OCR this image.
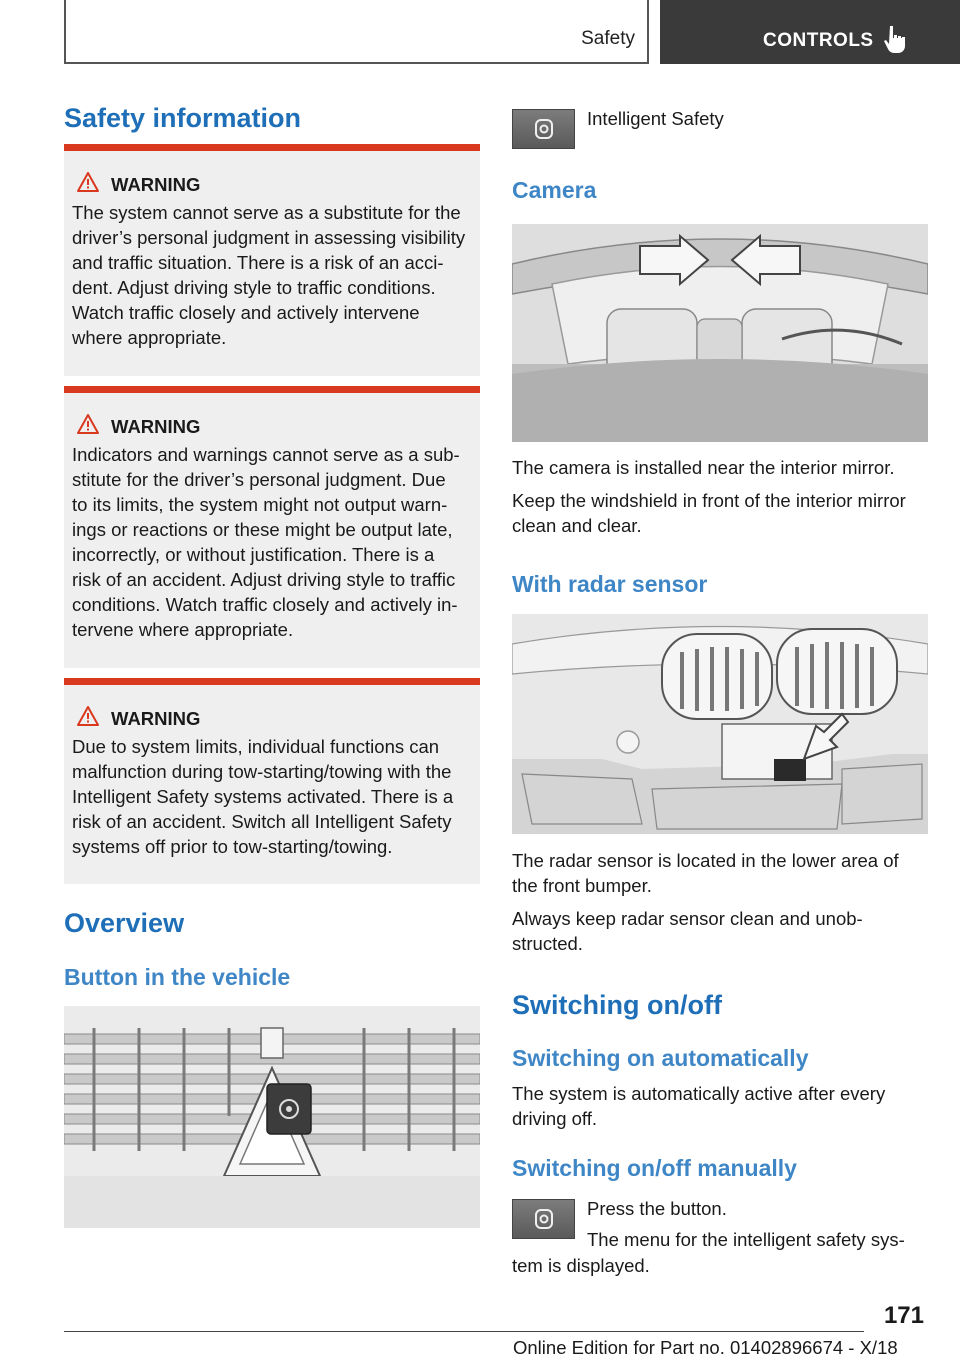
Safety	CONTROLS
Safety information
WARNING
The system cannot serve as a substitute for the
driver’s personal judgment in assessing visibility
and traffic situation. There is a risk of an acci-
dent. Adjust driving style to traffic conditions.
Watch traffic closely and actively intervene
where appropriate.
WARNING
Indicators and warnings cannot serve as a sub-
stitute for the driver’s personal judgment. Due
to its limits, the system might not output warn-
ings or reactions or these might be output late,
incorrectly, or without justification. There is a
risk of an accident. Adjust driving style to traffic
conditions. Watch traffic closely and actively in-
tervene where appropriate.
WARNING
Due to system limits, individual functions can
malfunction during tow-starting/towing with the
Intelligent Safety systems activated. There is a
risk of an accident. Switch all Intelligent Safety
systems off prior to tow-starting/towing.
Overview
Button in the vehicle
Intelligent Safety
Camera
The camera is installed near the interior mirror.
Keep the windshield in front of the interior mirror
clean and clear.
With radar sensor
The radar sensor is located in the lower area of
the front bumper.
Always keep radar sensor clean and unob-
structed.
Switching on/off
Switching on automatically
The system is automatically active after every
driving off.
Switching on/off manually
Press the button.
The menu for the intelligent safety sys-
tem is displayed.
171
Online Edition for Part no. 01402896674 - X/18
